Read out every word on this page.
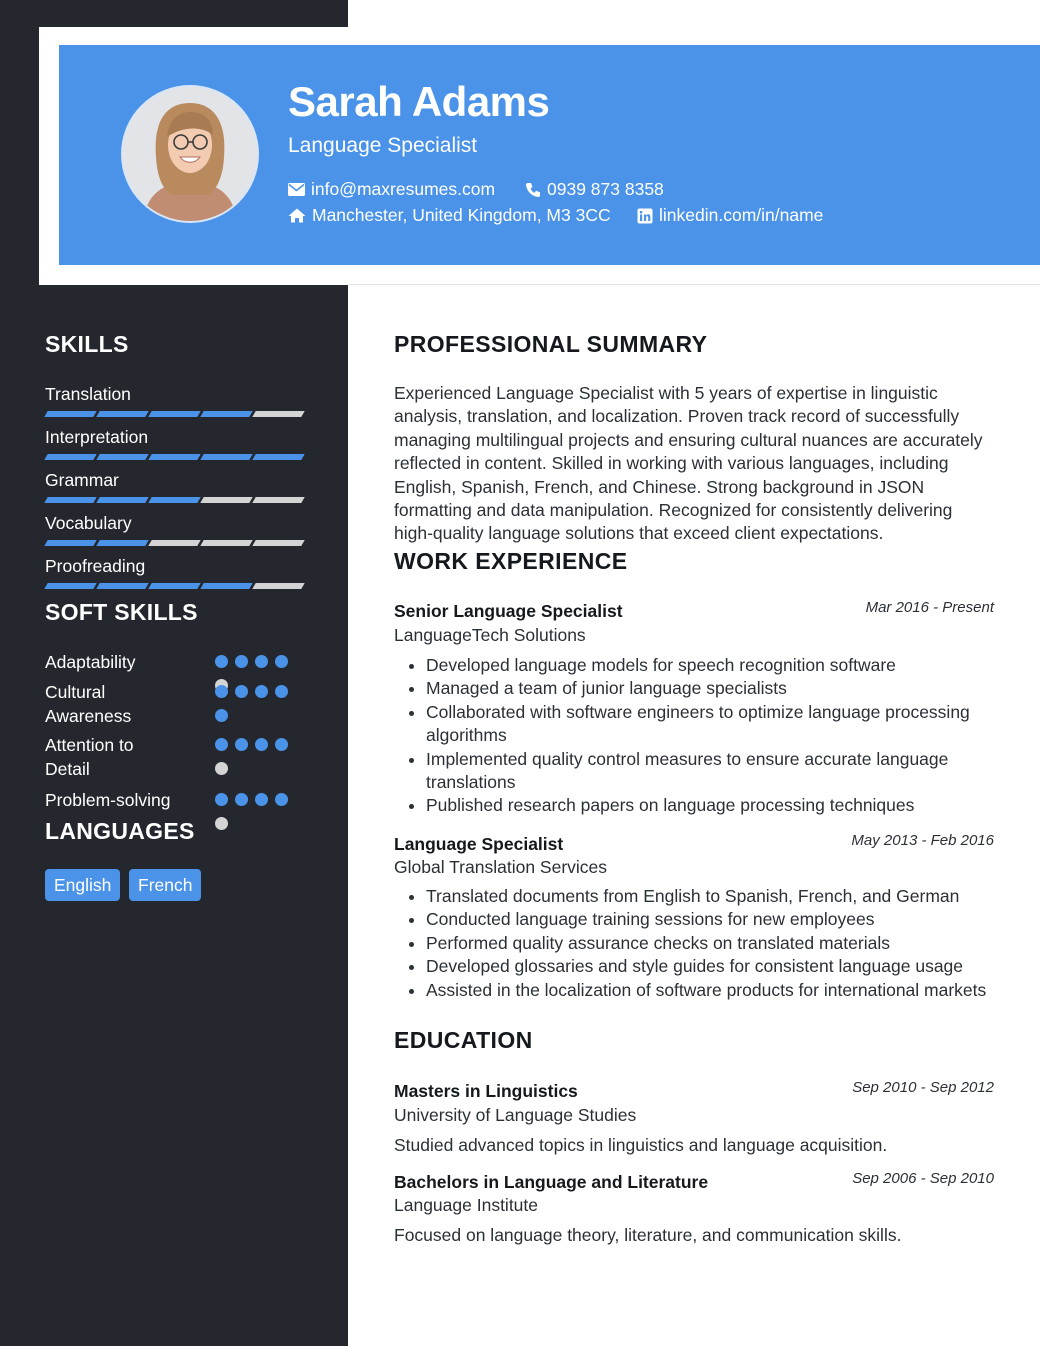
Sarah Adams
Language Specialist
info@maxresumes.com	0939 873 8358
Manchester, United Kingdom, M3 3CC	linkedin.com/in/name
SKILLS
Translation
Interpretation
Grammar
Vocabulary
Proofreading
SOFT SKILLS
Adaptability
Cultural Awareness
Attention to Detail
Problem-solving
LANGUAGES
English	French
PROFESSIONAL SUMMARY
Experienced Language Specialist with 5 years of expertise in linguistic analysis, translation, and localization. Proven track record of successfully managing multilingual projects and ensuring cultural nuances are accurately reflected in content. Skilled in working with various languages, including English, Spanish, French, and Chinese. Strong background in JSON formatting and data manipulation. Recognized for consistently delivering high-quality language solutions that exceed client expectations.
WORK EXPERIENCE
Senior Language Specialist	Mar 2016 - Present
LanguageTech Solutions
• Developed language models for speech recognition software
• Managed a team of junior language specialists
• Collaborated with software engineers to optimize language processing algorithms
• Implemented quality control measures to ensure accurate language translations
• Published research papers on language processing techniques
Language Specialist	May 2013 - Feb 2016
Global Translation Services
• Translated documents from English to Spanish, French, and German
• Conducted language training sessions for new employees
• Performed quality assurance checks on translated materials
• Developed glossaries and style guides for consistent language usage
• Assisted in the localization of software products for international markets
EDUCATION
Masters in Linguistics	Sep 2010 - Sep 2012
University of Language Studies
Studied advanced topics in linguistics and language acquisition.
Bachelors in Language and Literature	Sep 2006 - Sep 2010
Language Institute
Focused on language theory, literature, and communication skills.
